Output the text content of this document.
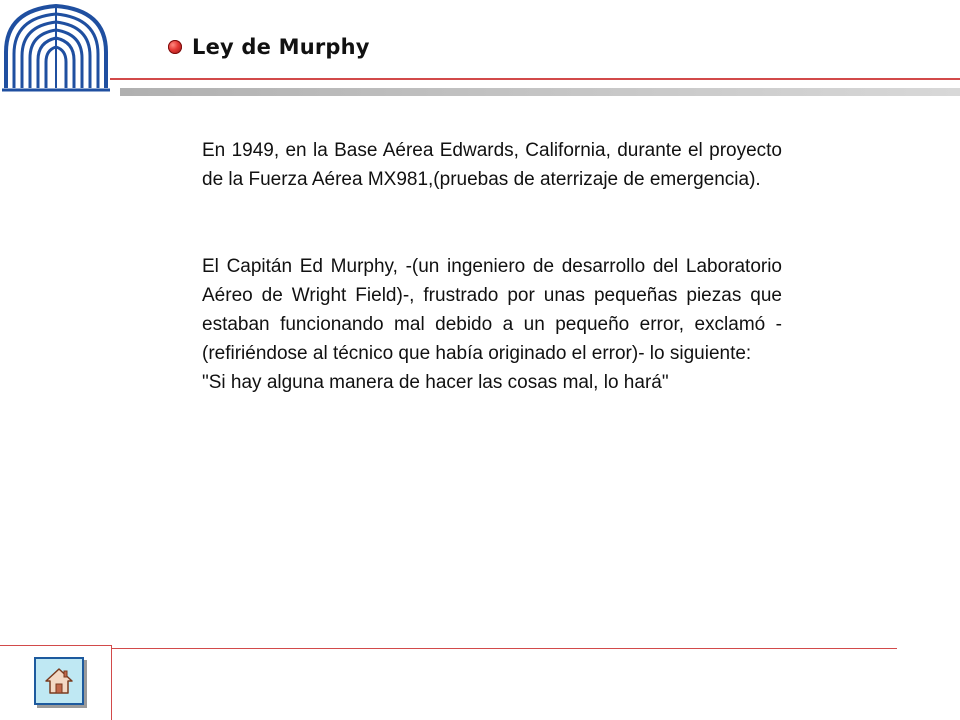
Ley de Murphy

En 1949, en la Base Aérea Edwards, California, durante el proyecto de la Fuerza Aérea MX981,(pruebas de aterrizaje de emergencia).

El Capitán Ed Murphy, -(un ingeniero de desarrollo del Laboratorio Aéreo de Wright Field)-, frustrado por unas pequeñas piezas que estaban funcionando mal debido a un pequeño error, exclamó -(refiriéndose al técnico que había originado el error)- lo siguiente:

"Si hay alguna manera de hacer las cosas mal, lo hará"
